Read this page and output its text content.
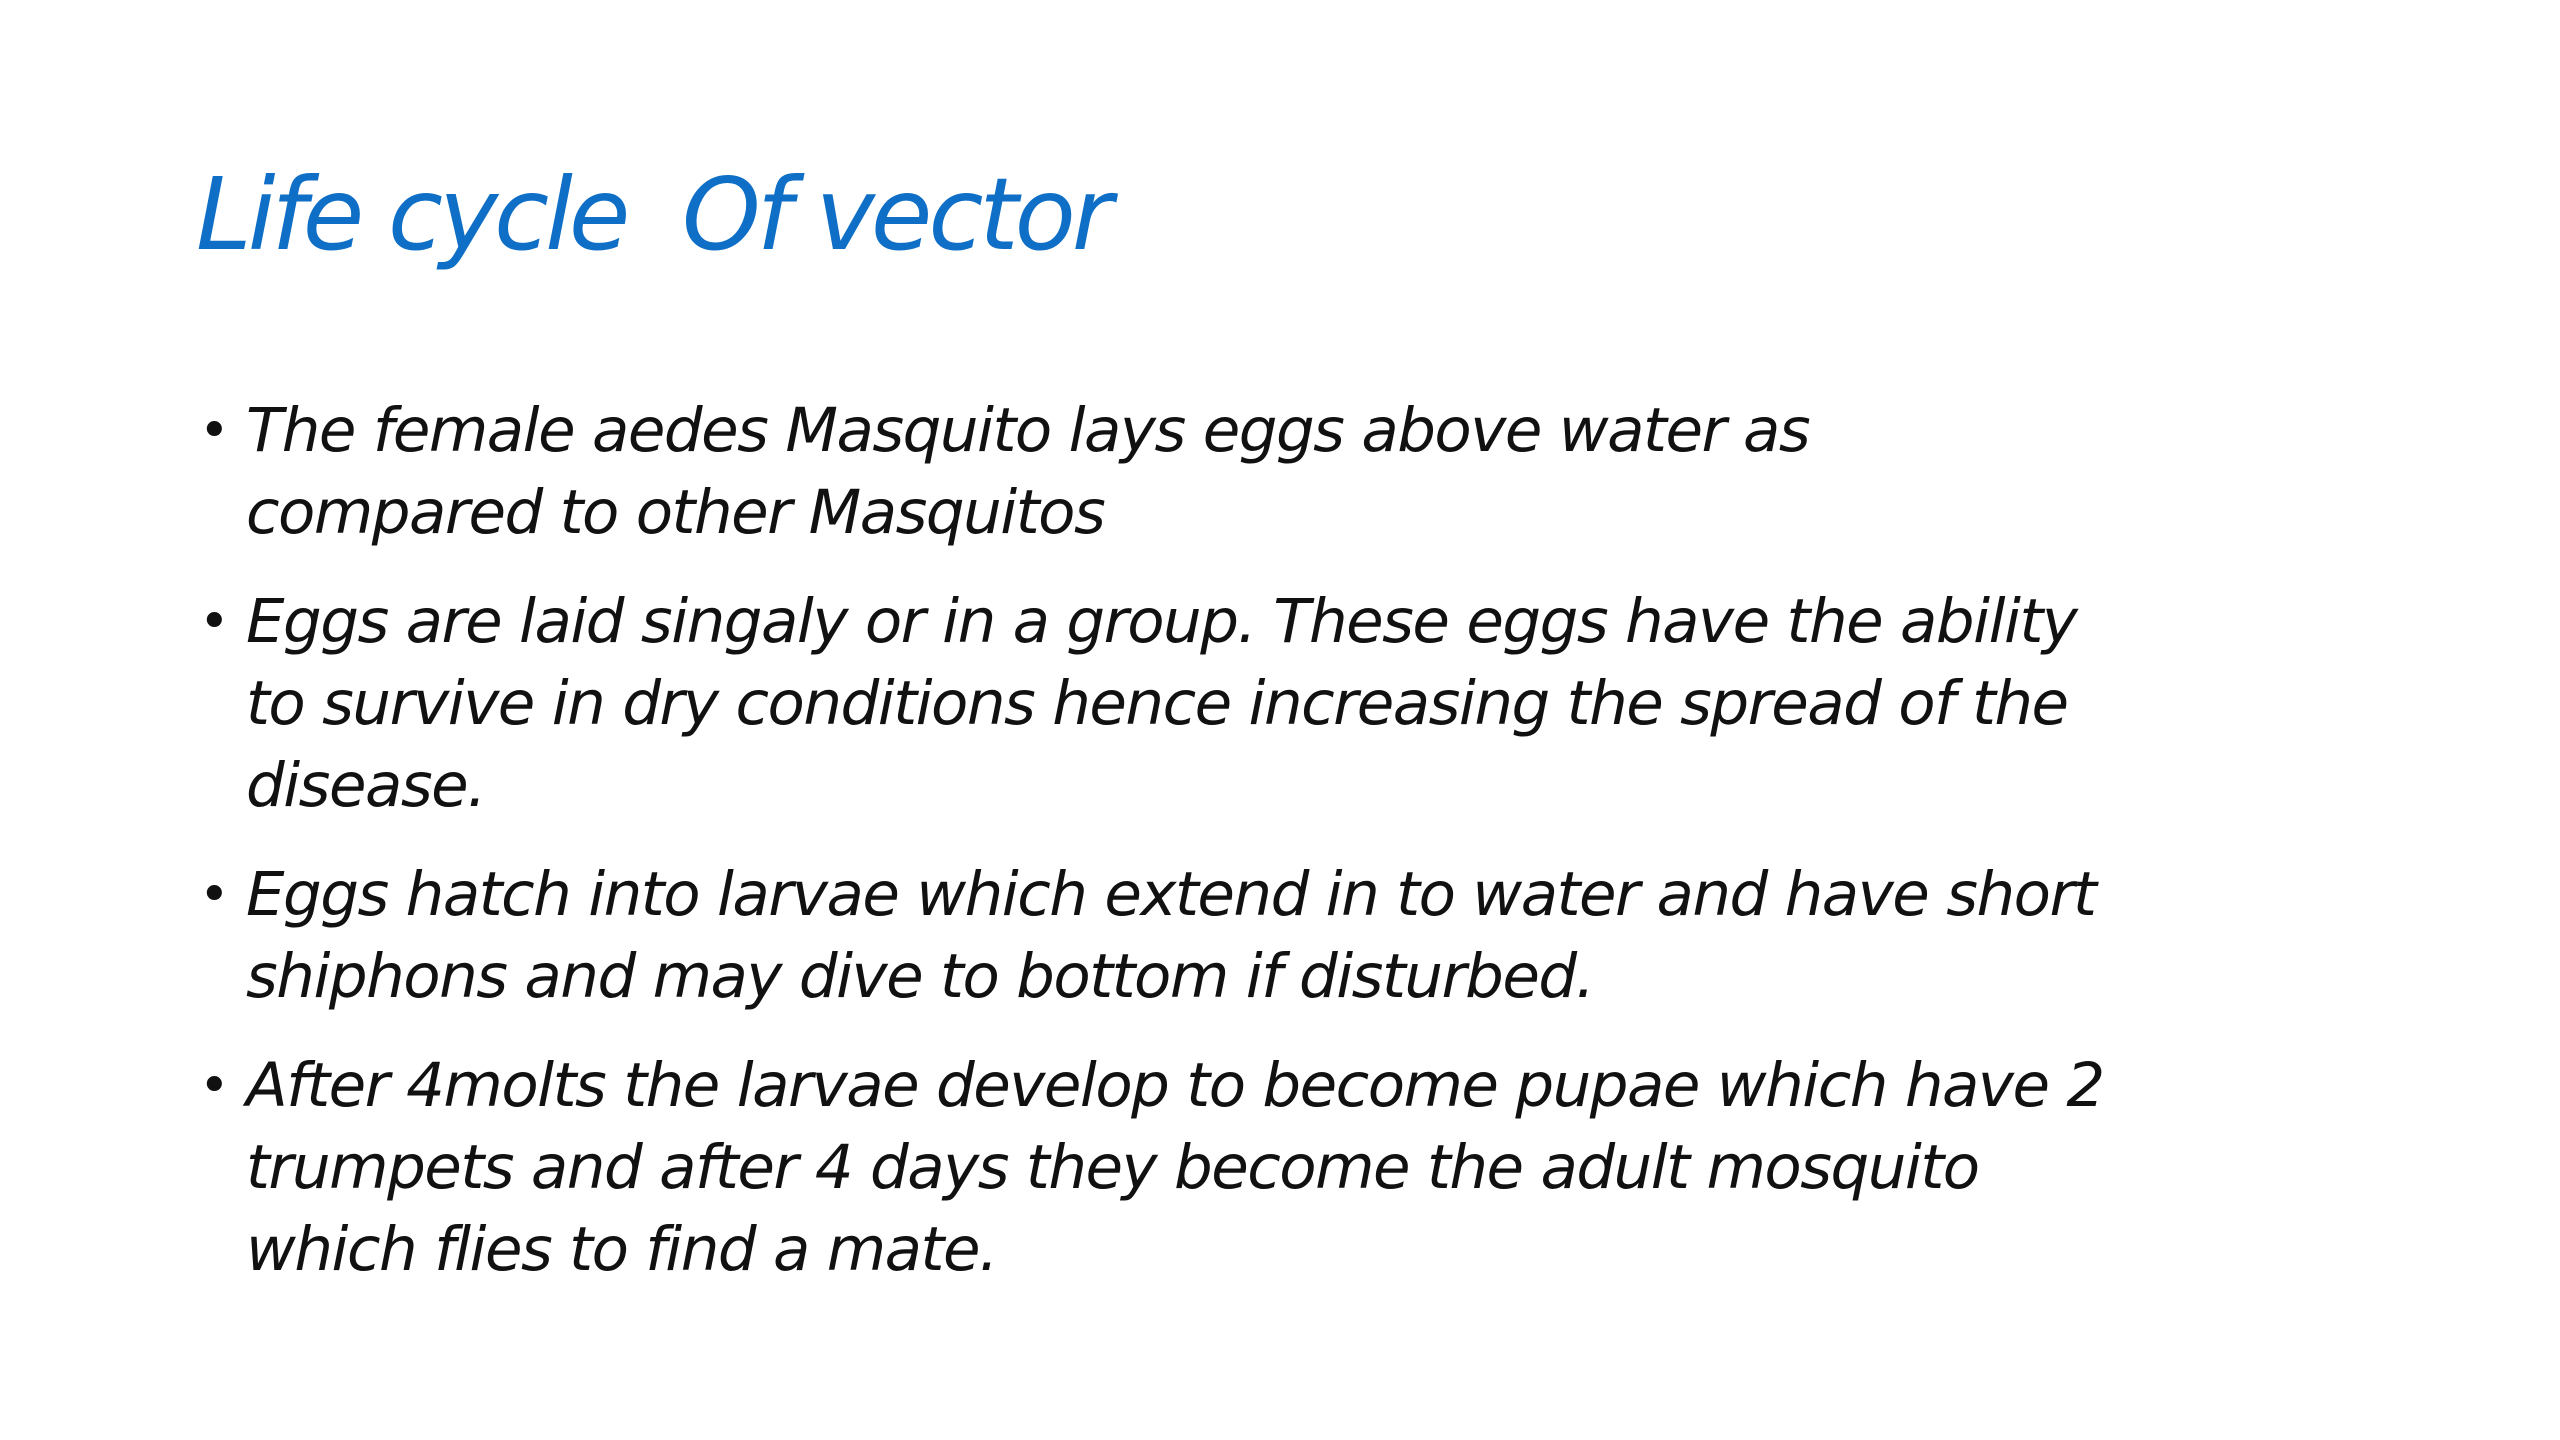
Life cycle  Of vector
• The female aedes Masquito lays eggs above water as
compared to other Masquitos
• Eggs are laid singaly or in a group. These eggs have the ability
to survive in dry conditions hence increasing the spread of the
disease.
• Eggs hatch into larvae which extend in to water and have short
shiphons and may dive to bottom if disturbed.
• After 4molts the larvae develop to become pupae which have 2
trumpets and after 4 days they become the adult mosquito
which flies to find a mate.
